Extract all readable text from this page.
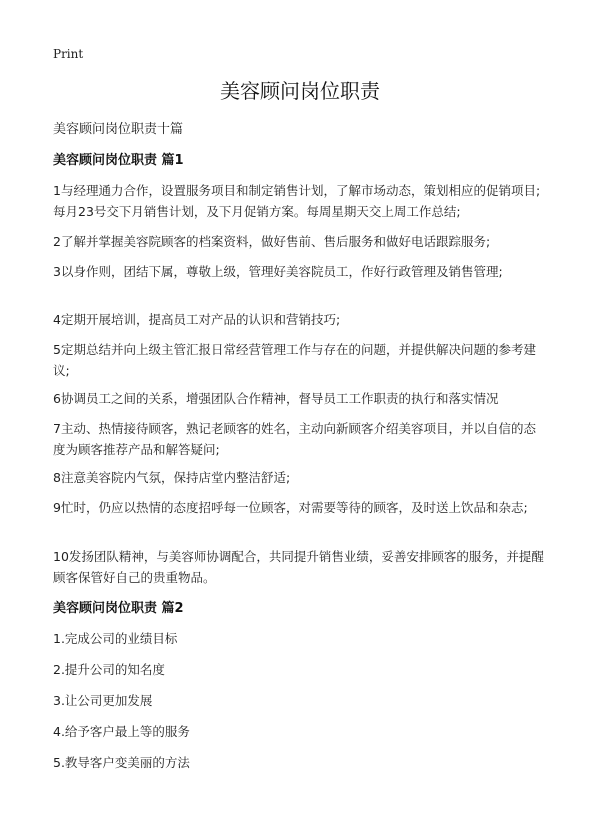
Print
美容顾问岗位职责
美容顾问岗位职责十篇
美容顾问岗位职责 篇1
1与经理通力合作，设置服务项目和制定销售计划，了解市场动态，策划相应的促销项目;每月23号交下月销售计划，及下月促销方案。每周星期天交上周工作总结;
2了解并掌握美容院顾客的档案资料，做好售前、售后服务和做好电话跟踪服务;
3以身作则，团结下属，尊敬上级，管理好美容院员工，作好行政管理及销售管理;
4定期开展培训，提高员工对产品的认识和营销技巧;
5定期总结并向上级主管汇报日常经营管理工作与存在的问题，并提供解决问题的参考建议;
6协调员工之间的关系，增强团队合作精神，督导员工工作职责的执行和落实情况
7主动、热情接待顾客，熟记老顾客的姓名，主动向新顾客介绍美容项目，并以自信的态度为顾客推荐产品和解答疑问;
8注意美容院内气氛，保持店堂内整洁舒适;
9忙时，仍应以热情的态度招呼每一位顾客，对需要等待的顾客，及时送上饮品和杂志;
10发扬团队精神，与美容师协调配合，共同提升销售业绩，妥善安排顾客的服务，并提醒顾客保管好自己的贵重物品。
美容顾问岗位职责 篇2
1.完成公司的业绩目标
2.提升公司的知名度
3.让公司更加发展
4.给予客户最上等的服务
5.教导客户变美丽的方法
